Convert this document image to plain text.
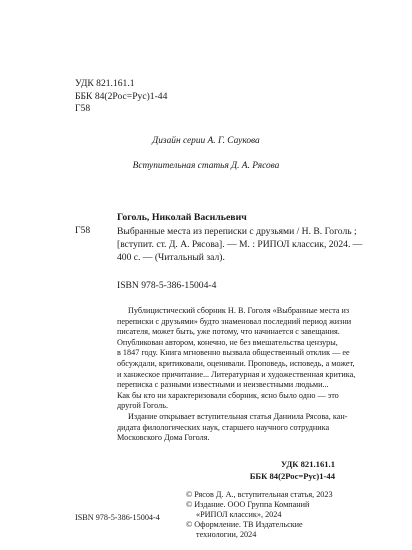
УДК 821.161.1
ББК 84(2Рос=Рус)1-44
Г58
Дизайн серии А. Г. Саукова
Вступительная статья Д. А. Рясова
Гоголь, Николай Васильевич
Г58	Выбранные места из переписки с друзьями / Н. В. Гоголь ;
[вступит. ст. Д. А. Рясова]. — М. : РИПОЛ классик, 2024. —
400 с. — (Читальный зал).
ISBN 978-5-386-15004-4
Публицистический сборник Н. В. Гоголя «Выбранные места из
переписки с друзьями» будто знаменовал последний период жизни
писателя, может быть, уже потому, что начинается с завещания.
Опубликован автором, конечно, не без вмешательства цензуры,
в 1847 году. Книга мгновенно вызвала общественный отклик — ее
обсуждали, критиковали, оценивали. Проповедь, исповедь, а может,
и ханжеское причитание... Литературная и художественная критика,
переписка с разными известными и неизвестными людьми...
Как бы кто ни характеризовали сборник, ясно было одно — это
другой Гоголь.
Издание открывает вступительная статья Даниила Рясова, кан-
дидата филологических наук, старшего научного сотрудника
Московского Дома Гоголя.
УДК 821.161.1
ББК 84(2Рос=Рус)1-44
© Рясов Д. А., вступительная статья, 2023
© Издание. ООО Группа Компаний
«РИПОЛ классик», 2024
© Оформление. ТВ Издательские
технологии, 2024
ISBN 978-5-386-15004-4
